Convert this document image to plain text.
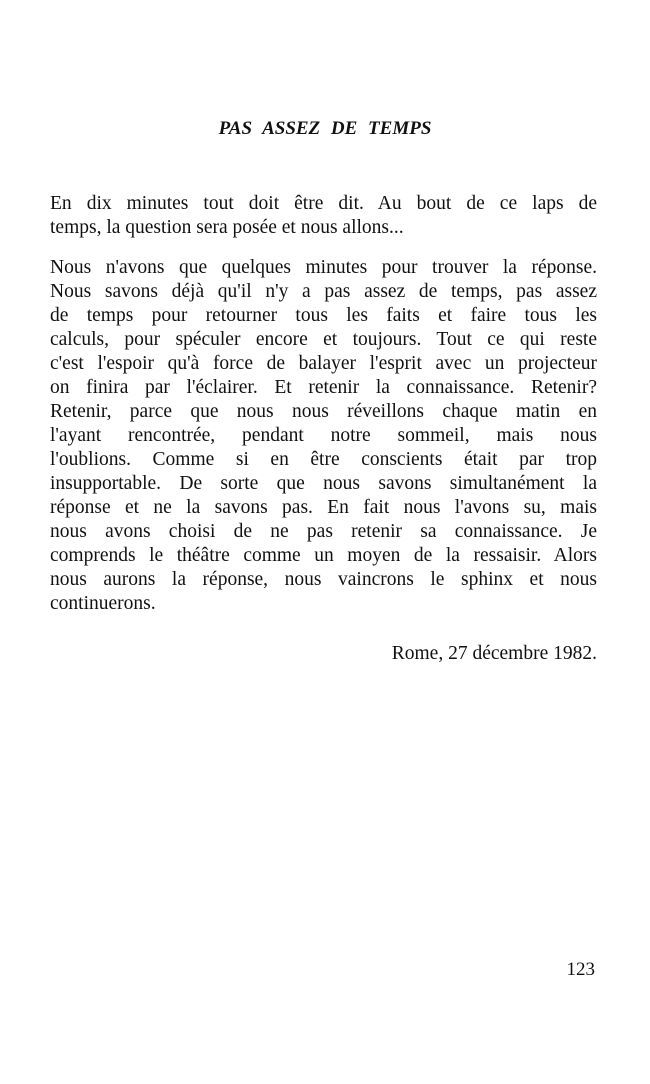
PAS ASSEZ DE TEMPS
En dix minutes tout doit être dit. Au bout de ce laps de
temps, la question sera posée et nous allons...
Nous n'avons que quelques minutes pour trouver la réponse.
Nous savons déjà qu'il n'y a pas assez de temps, pas assez
de temps pour retourner tous les faits et faire tous les
calculs, pour spéculer encore et toujours. Tout ce qui reste
c'est l'espoir qu'à force de balayer l'esprit avec un projecteur
on finira par l'éclairer. Et retenir la connaissance. Retenir?
Retenir, parce que nous nous réveillons chaque matin en
l'ayant rencontrée, pendant notre sommeil, mais nous
l'oublions. Comme si en être conscients était par trop
insupportable. De sorte que nous savons simultanément la
réponse et ne la savons pas. En fait nous l'avons su, mais
nous avons choisi de ne pas retenir sa connaissance. Je
comprends le théâtre comme un moyen de la ressaisir. Alors
nous aurons la réponse, nous vaincrons le sphinx et nous
continuerons.
Rome, 27 décembre 1982.
123
